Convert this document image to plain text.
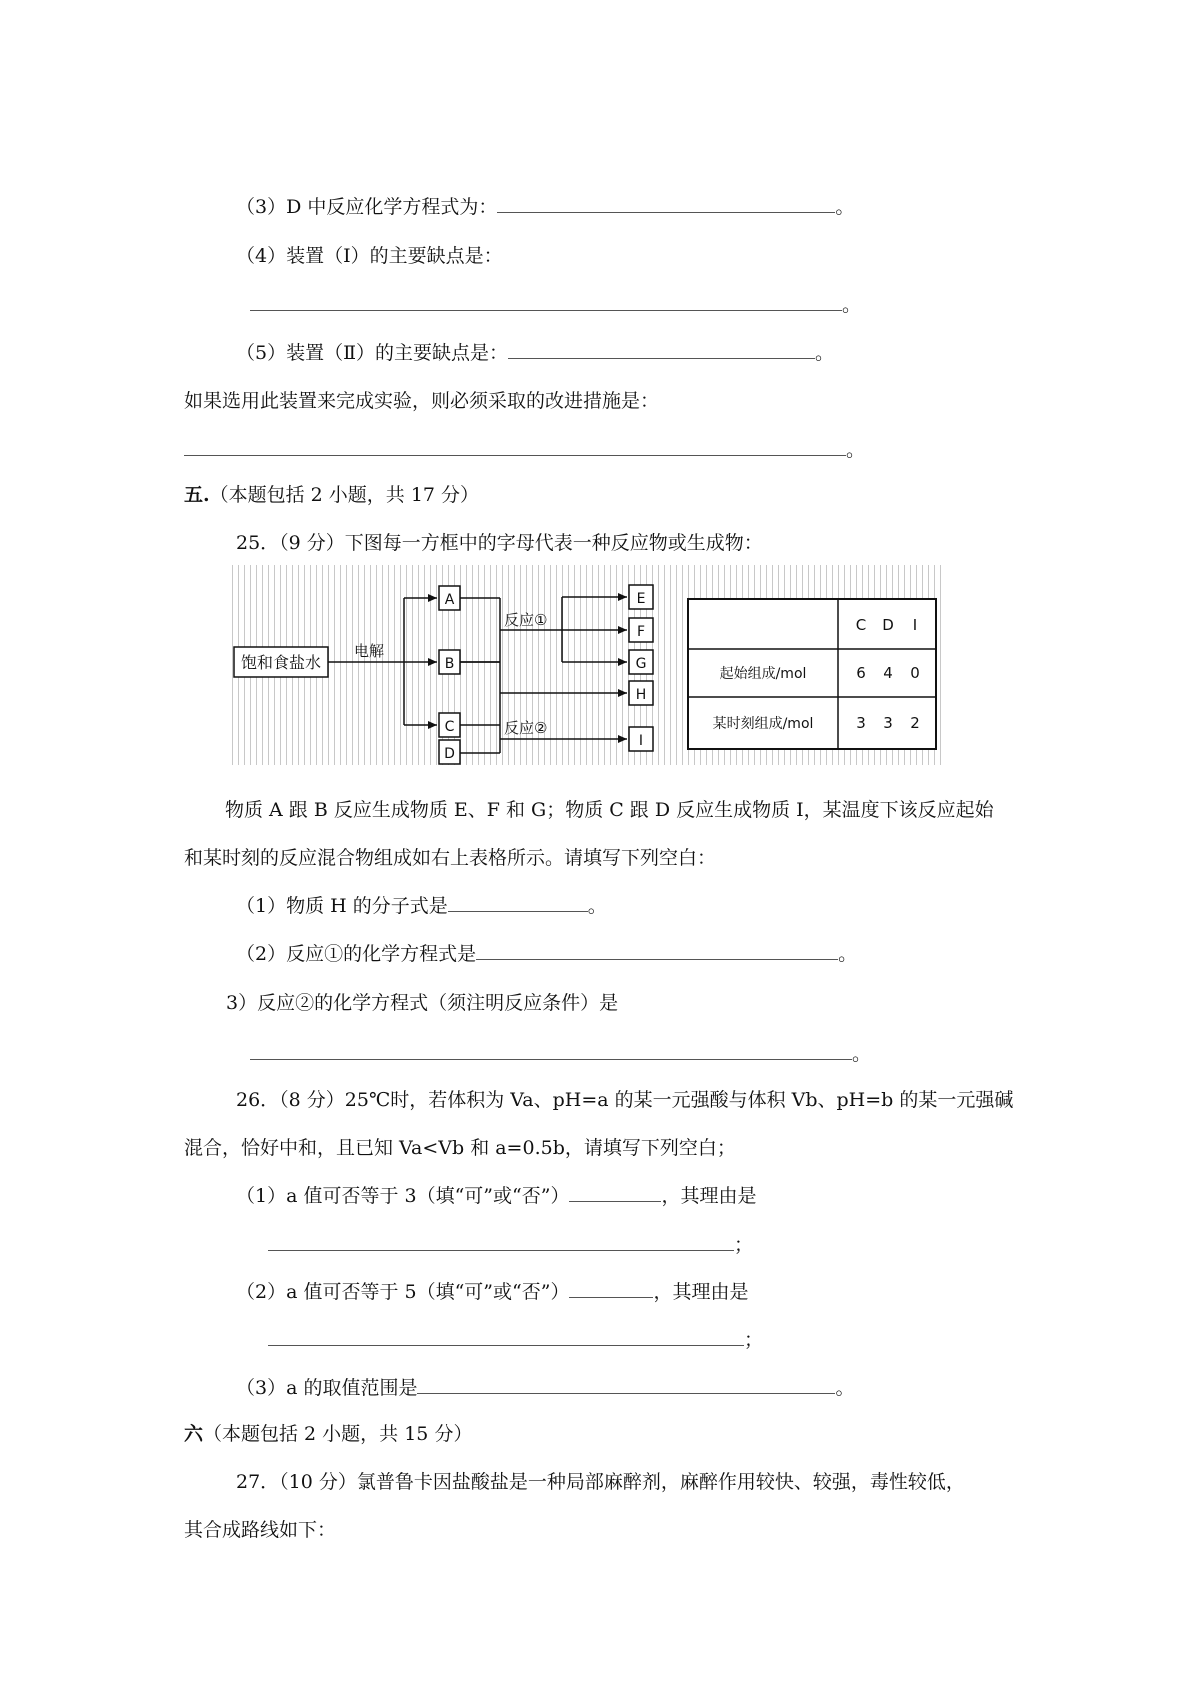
（3）D 中反应化学方程式为：	。
（4）装置（Ⅰ）的主要缺点是：
。
（5）装置（Ⅱ）的主要缺点是：	。
如果选用此装置来完成实验，则必须采取的改进措施是：
。
五.（本题包括 2 小题，共 17 分）
25．（9 分）下图每一方框中的字母代表一种反应物或生成物：
饱和食盐水
电解
A
B
C
D
E
F
G
H
I
反应①
反应②
C D I
起始组成/mol	6 4 0
某时刻组成/mol	3 3 2
物质 A 跟 B 反应生成物质 E、F 和 G；物质 C 跟 D 反应生成物质 I，某温度下该反应起始
和某时刻的反应混合物组成如右上表格所示。请填写下列空白：
（1）物质 H 的分子式是	。
（2）反应①的化学方程式是	。
3）反应②的化学方程式（须注明反应条件）是
。
26．（8 分）25℃时，若体积为 Va、pH=a 的某一元强酸与体积 Vb、pH=b 的某一元强碱
混合，恰好中和，且已知 Va<Vb 和 a=0.5b，请填写下列空白；
（1）a 值可否等于 3（填“可”或“否”）	，其理由是
；
（2）a 值可否等于 5（填“可”或“否”）	，其理由是
；
（3）a 的取值范围是	。
六（本题包括 2 小题，共 15 分）
27．（10 分）氯普鲁卡因盐酸盐是一种局部麻醉剂，麻醉作用较快、较强，毒性较低，
其合成路线如下：
